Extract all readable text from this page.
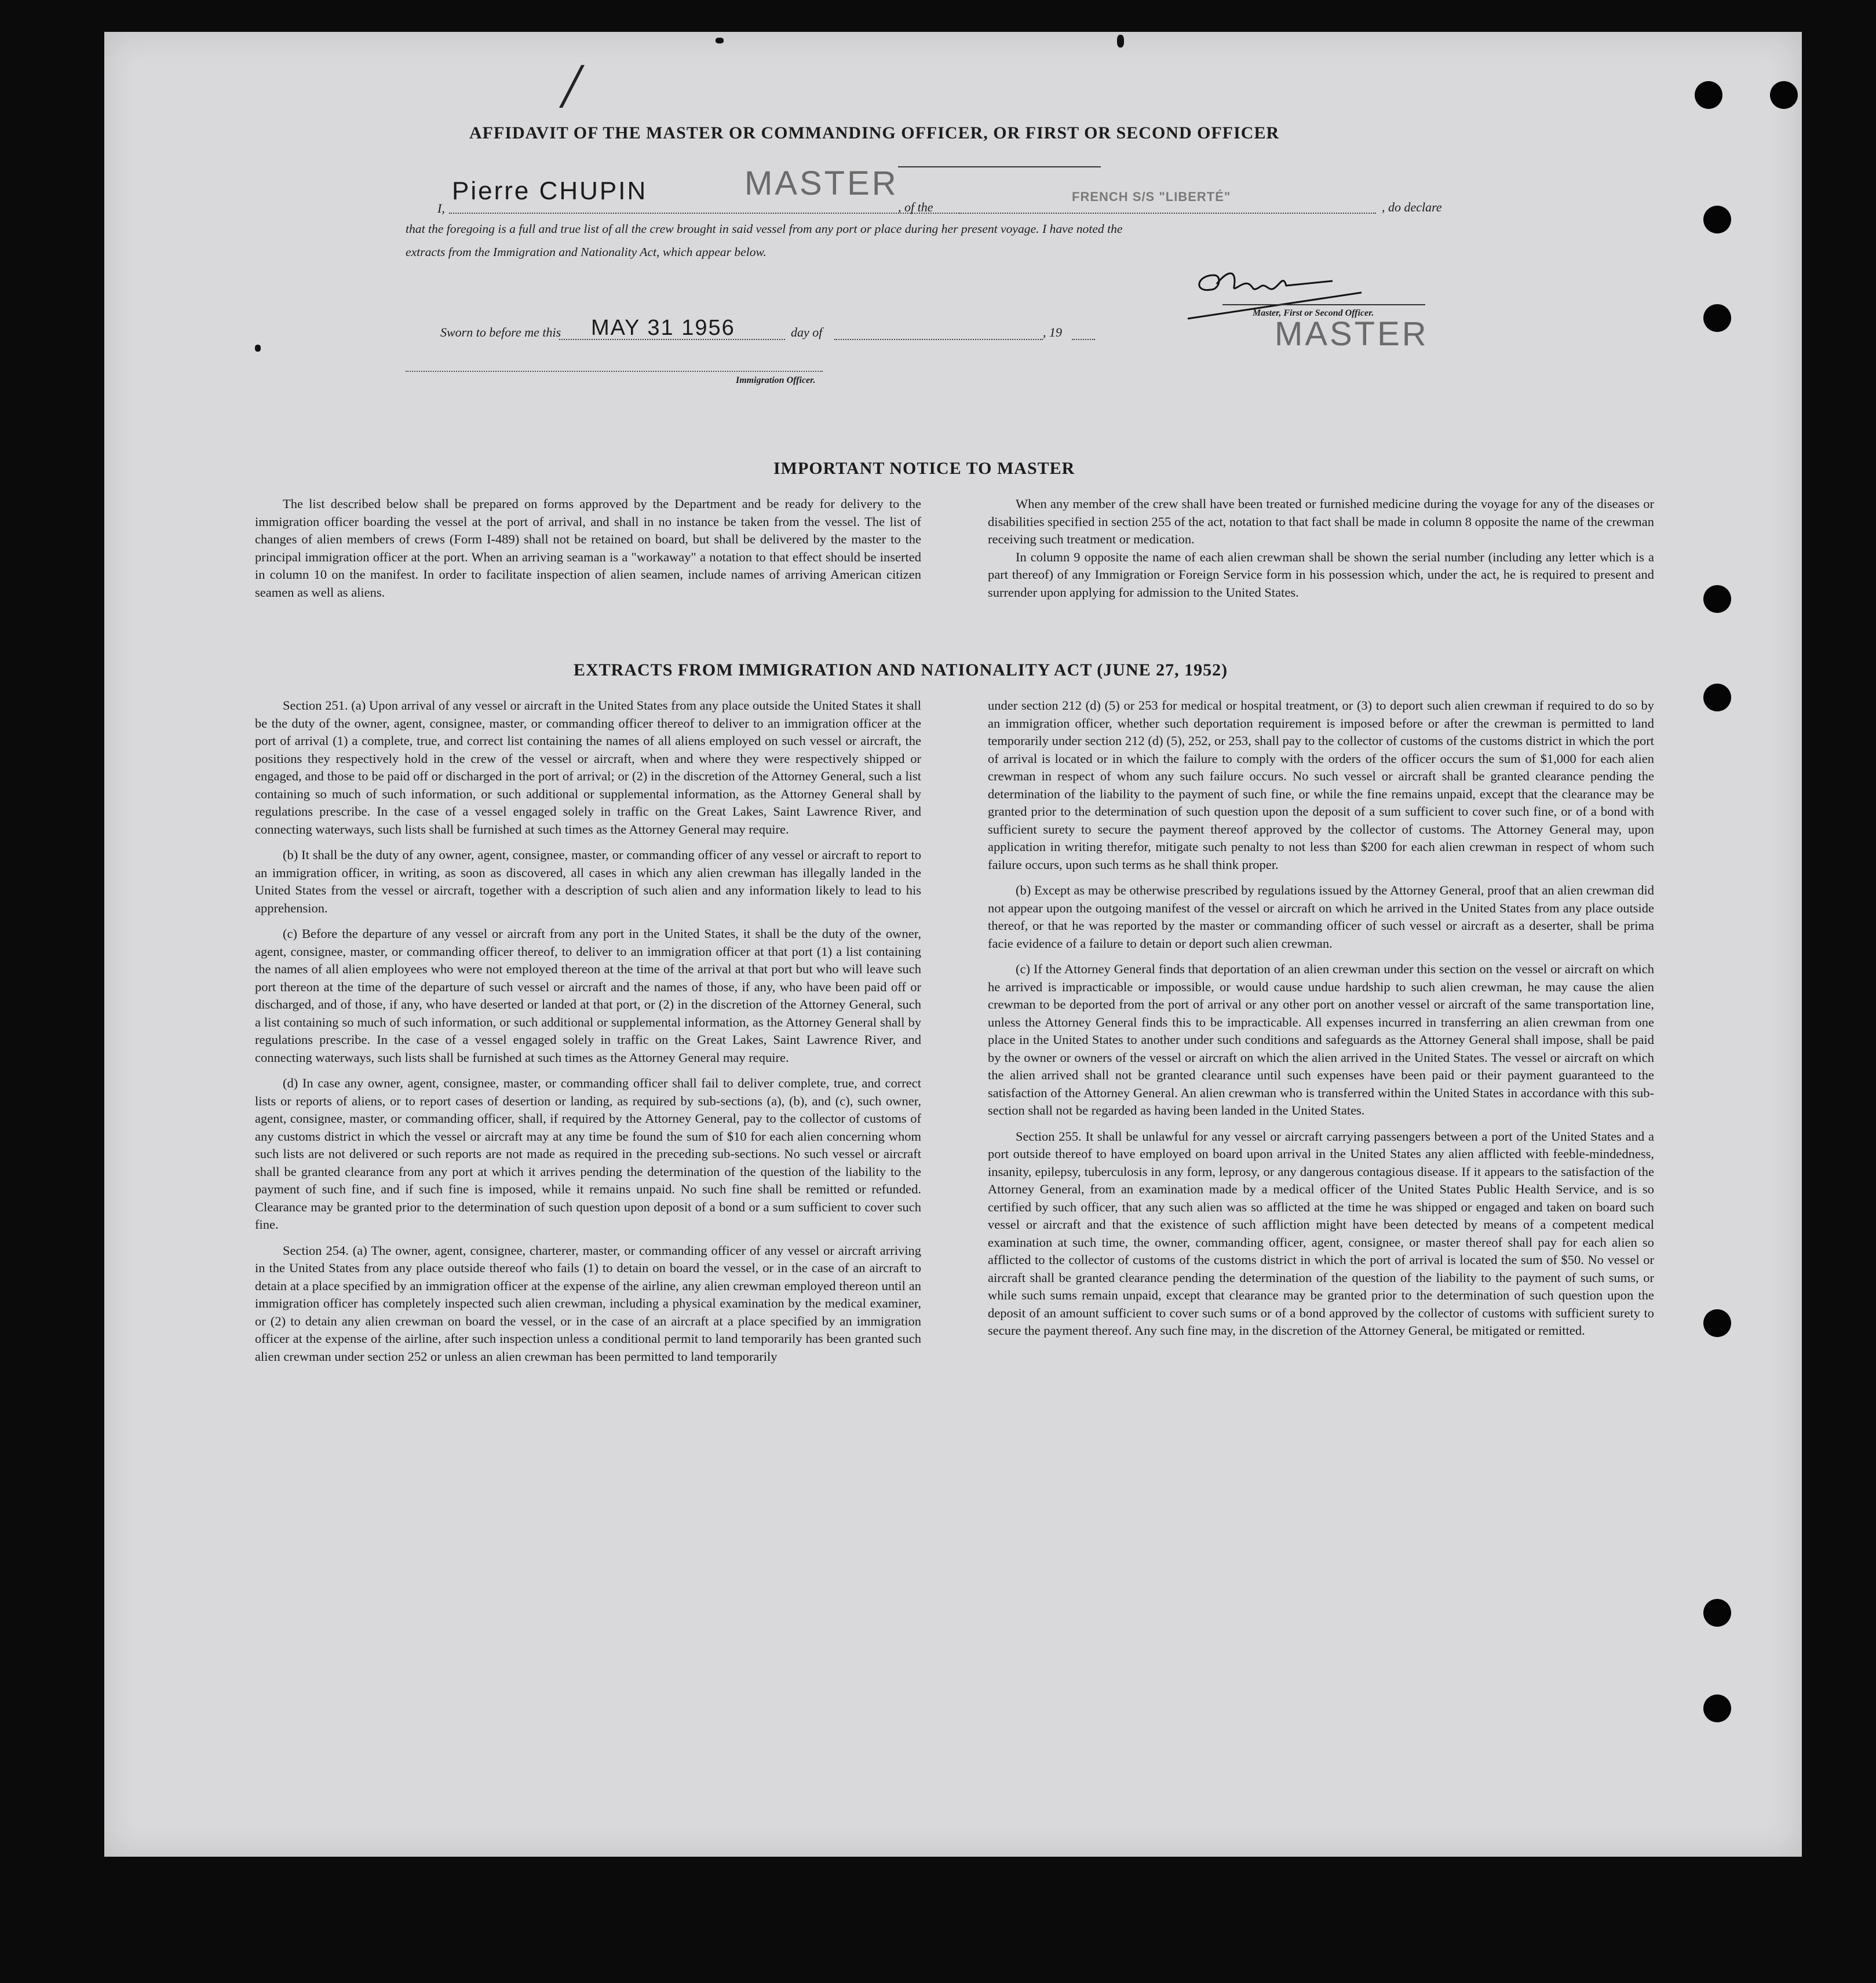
/
AFFIDAVIT OF THE MASTER OR COMMANDING OFFICER, OR FIRST OR SECOND OFFICER
I,
Pierre CHUPIN	MASTER
, of the
FRENCH S/S "LIBERTÉ"
, do declare
that the foregoing is a full and true list of all the crew brought in said vessel from any port or place during her present voyage. I have noted the
extracts from the Immigration and Nationality Act, which appear below.
Master, First or Second Officer.
MASTER
Sworn to before me this MAY 31 1956	day of	, 19
Immigration Officer.
IMPORTANT NOTICE TO MASTER

The list described below shall be prepared on forms approved by the Department and be ready for delivery to the immigration officer boarding the vessel at the port of arrival, and shall in no instance be taken from the vessel. The list of changes of alien members of crews (Form I-489) shall not be retained on board, but shall be delivered by the master to the principal immigration officer at the port. When an arriving seaman is a "workaway" a notation to that effect should be inserted in column 10 on the manifest. In order to facilitate inspection of alien seamen, include names of arriving American citizen seamen as well as aliens.

When any member of the crew shall have been treated or furnished medicine during the voyage for any of the diseases or disabilities specified in section 255 of the act, notation to that fact shall be made in column 8 opposite the name of the crewman receiving such treatment or medication.

In column 9 opposite the name of each alien crewman shall be shown the serial number (including any letter which is a part thereof) of any Immigration or Foreign Service form in his possession which, under the act, he is required to present and surrender upon applying for admission to the United States.

EXTRACTS FROM IMMIGRATION AND NATIONALITY ACT (JUNE 27, 1952)

Section 251. (a) Upon arrival of any vessel or aircraft in the United States from any place outside the United States it shall be the duty of the owner, agent, consignee, master, or commanding officer thereof to deliver to an immigration officer at the port of arrival (1) a complete, true, and correct list containing the names of all aliens employed on such vessel or aircraft, the positions they respectively hold in the crew of the vessel or aircraft, when and where they were respectively shipped or engaged, and those to be paid off or discharged in the port of arrival; or (2) in the discretion of the Attorney General, such a list containing so much of such information, or such additional or supplemental information, as the Attorney General shall by regulations prescribe. In the case of a vessel engaged solely in traffic on the Great Lakes, Saint Lawrence River, and connecting waterways, such lists shall be furnished at such times as the Attorney General may require.

(b) It shall be the duty of any owner, agent, consignee, master, or commanding officer of any vessel or aircraft to report to an immigration officer, in writing, as soon as discovered, all cases in which any alien crewman has illegally landed in the United States from the vessel or aircraft, together with a description of such alien and any information likely to lead to his apprehension.

(c) Before the departure of any vessel or aircraft from any port in the United States, it shall be the duty of the owner, agent, consignee, master, or commanding officer thereof, to deliver to an immigration officer at that port (1) a list containing the names of all alien employees who were not employed thereon at the time of the arrival at that port but who will leave such port thereon at the time of the departure of such vessel or aircraft and the names of those, if any, who have been paid off or discharged, and of those, if any, who have deserted or landed at that port, or (2) in the discretion of the Attorney General, such a list containing so much of such information, or such additional or supplemental information, as the Attorney General shall by regulations prescribe. In the case of a vessel engaged solely in traffic on the Great Lakes, Saint Lawrence River, and connecting waterways, such lists shall be furnished at such times as the Attorney General may require.

(d) In case any owner, agent, consignee, master, or commanding officer shall fail to deliver complete, true, and correct lists or reports of aliens, or to report cases of desertion or landing, as required by sub-sections (a), (b), and (c), such owner, agent, consignee, master, or commanding officer, shall, if required by the Attorney General, pay to the collector of customs of any customs district in which the vessel or aircraft may at any time be found the sum of $10 for each alien concerning whom such lists are not delivered or such reports are not made as required in the preceding sub-sections. No such vessel or aircraft shall be granted clearance from any port at which it arrives pending the determination of the question of the liability to the payment of such fine, and if such fine is imposed, while it remains unpaid. No such fine shall be remitted or refunded. Clearance may be granted prior to the determination of such question upon deposit of a bond or a sum sufficient to cover such fine.

Section 254. (a) The owner, agent, consignee, charterer, master, or commanding officer of any vessel or aircraft arriving in the United States from any place outside thereof who fails (1) to detain on board the vessel, or in the case of an aircraft to detain at a place specified by an immigration officer at the expense of the airline, any alien crewman employed thereon until an immigration officer has completely inspected such alien crewman, including a physical examination by the medical examiner, or (2) to detain any alien crewman on board the vessel, or in the case of an aircraft at a place specified by an immigration officer at the expense of the airline, after such inspection unless a conditional permit to land temporarily has been granted such alien crewman under section 252 or unless an alien crewman has been permitted to land temporarily

under section 212 (d) (5) or 253 for medical or hospital treatment, or (3) to deport such alien crewman if required to do so by an immigration officer, whether such deportation requirement is imposed before or after the crewman is permitted to land temporarily under section 212 (d) (5), 252, or 253, shall pay to the collector of customs of the customs district in which the port of arrival is located or in which the failure to comply with the orders of the officer occurs the sum of $1,000 for each alien crewman in respect of whom any such failure occurs. No such vessel or aircraft shall be granted clearance pending the determination of the liability to the payment of such fine, or while the fine remains unpaid, except that the clearance may be granted prior to the determination of such question upon the deposit of a sum sufficient to cover such fine, or of a bond with sufficient surety to secure the payment thereof approved by the collector of customs. The Attorney General may, upon application in writing therefor, mitigate such penalty to not less than $200 for each alien crewman in respect of whom such failure occurs, upon such terms as he shall think proper.

(b) Except as may be otherwise prescribed by regulations issued by the Attorney General, proof that an alien crewman did not appear upon the outgoing manifest of the vessel or aircraft on which he arrived in the United States from any place outside thereof, or that he was reported by the master or commanding officer of such vessel or aircraft as a deserter, shall be prima facie evidence of a failure to detain or deport such alien crewman.

(c) If the Attorney General finds that deportation of an alien crewman under this section on the vessel or aircraft on which he arrived is impracticable or impossible, or would cause undue hardship to such alien crewman, he may cause the alien crewman to be deported from the port of arrival or any other port on another vessel or aircraft of the same transportation line, unless the Attorney General finds this to be impracticable. All expenses incurred in transferring an alien crewman from one place in the United States to another under such conditions and safeguards as the Attorney General shall impose, shall be paid by the owner or owners of the vessel or aircraft on which the alien arrived in the United States. The vessel or aircraft on which the alien arrived shall not be granted clearance until such expenses have been paid or their payment guaranteed to the satisfaction of the Attorney General. An alien crewman who is transferred within the United States in accordance with this sub-section shall not be regarded as having been landed in the United States.

Section 255. It shall be unlawful for any vessel or aircraft carrying passengers between a port of the United States and a port outside thereof to have employed on board upon arrival in the United States any alien afflicted with feeble-mindedness, insanity, epilepsy, tuberculosis in any form, leprosy, or any dangerous contagious disease. If it appears to the satisfaction of the Attorney General, from an examination made by a medical officer of the United States Public Health Service, and is so certified by such officer, that any such alien was so afflicted at the time he was shipped or engaged and taken on board such vessel or aircraft and that the existence of such affliction might have been detected by means of a competent medical examination at such time, the owner, commanding officer, agent, consignee, or master thereof shall pay for each alien so afflicted to the collector of customs of the customs district in which the port of arrival is located the sum of $50. No vessel or aircraft shall be granted clearance pending the determination of the question of the liability to the payment of such sums, or while such sums remain unpaid, except that clearance may be granted prior to the determination of such question upon the deposit of an amount sufficient to cover such sums or of a bond approved by the collector of customs with sufficient surety to secure the payment thereof. Any such fine may, in the discretion of the Attorney General, be mitigated or remitted.
